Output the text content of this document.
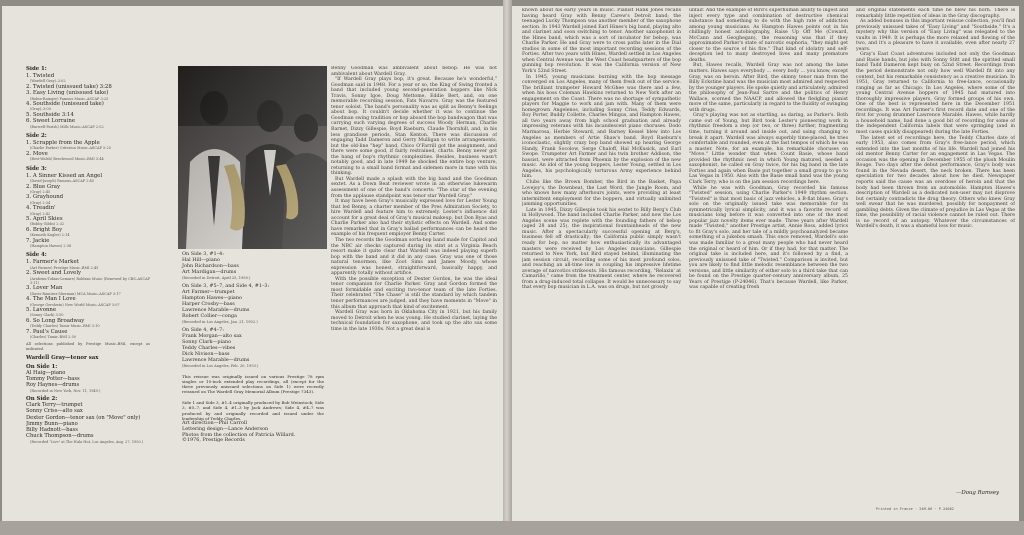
Side 1:
1. Twisted
(Wardell Gray)–3:02
2. Twisted (unissued take) 3:28
3. Easy Living (unissued take)
(Robin-Rainger) Famous Music–ASCAP 3:25
4. Southside (unissued take)
(Gray)–3:00
5. Southside 3:14
6. Sweet Lorraine
(Burwell-Parish) Mills Music–ASCAP 2:52
Side 2:
1. Scrapple from the Apple
(Charlie Parker) Criterion Music–ASCAP 5:25
2. Move
(Best-Walsh) Beechwood Music–BMI 3:44
Side 3:
1. A Sinner Kissed an Angel
(David-Joseph) Famous–ASCAP 2:45
2. Blue Gray
(Gray) 2:45
3. Grayhound
(Gray) 2:34
4. Treadin'
(Gray) 2:42
5. April Skies
(Bobby Gibbs) 2:32
6. Bright Boy
(Kenneth Kugler) 2:14
7. Jackie
(Hampton Hawes) 2:38
Side 4:
1. Farmer's Market
(Art Farmer) Prestige Music–BMI 2:45
2. Sweet and Lovely
(Arnheim-Tobias-Lemare) Robbins Music (Renewed by CBS–ASCAP 3:11)
3. Lover Man
(Davis-Ramirez-Sherman) MCA Music–ASCAP 3:17
4. The Man I Love
(George Gershwin) New World Music–ASCAP 3:07
5. Lavonne
(Sonny Clark) 3:50
6. So Long Broadway
(Teddy Charles) Tamir Music–BMI 3:10
7. Paul's Cause
(Charles) Tamir–BMI 2:50
All selections published by Prestige Music–BMI, except as indicated.
Wardell Gray—tenor sax
On Side 1:
Al Haig—piano
Tommy Potter—bass
Roy Haynes—drums
(Recorded in New York, Nov. 11, 1949.)
On Side 2:
Clark Terry—trumpet
Sonny Criss—alto sax
Dexter Gordon—tenor sax (on "Move" only)
Jimmy Bunn—piano
Billy Hadnott—bass
Chuck Thompson—drums
(Recorded "Live" at The Hula Hut, Los Angeles, Aug. 27, 1950.)
On Side 3, #1–4:
Hal Hill—piano
John Richardson—bass
Art Mardigan—drums
(Recorded in Detroit, April 25, 1950.)
On Side 3, #5–7, and Side 4, #1–3:
Art Farmer—trumpet
Hampton Hawes—piano
Harper Crosby—bass
Lawrence Marable—drums
Robert Collier—conga
(Recorded in Los Angeles, Jan. 21, 1952.)
On Side 4, #4–7:
Frank Morgan—alto sax
Sonny Clark—piano
Teddy Charles—vibes
Dick Nivison—bass
Lawrence Marable—drums
(Recorded in Los Angeles, Feb. 20, 1953.)
This reissue was originally issued on various Prestige 78 rpm singles or 10-inch extended play recordings, all (except for the three previously unissued selections on Side 1) were recently reissued on The Wardell Gray Memorial Album (Prestige 7343).
Side 1 and Side 3, #1–4 originally produced by Bob Weinstock; Side 3, #5–7, and Side 4, #1–3 by Jack Andrews; Side 4, #4–7 was produced by and originally recorded and issued under the leadership of Teddy Charles.
Art direction—Phil Carroll
Lettering design—Lance Anderson
Photos from the collection of Patricia Willard.
©1976, Prestige Records

Benny Goodman was ambivalent about bebop. He was not ambivalent about Wardell Gray.

"If Wardell Gray plays bop, it's great. Because he's wonderful," Goodman said in 1948. For a year or so, the King of Swing fronted a band that included young second-generation boppers like Nick Travis, Sonny Igoe, Doug Mettome, Eddie Bert, and, on one memorable recording session, Fats Navarro. Gray was the featured tenor soloist. The band's personality was as split as Benny's feelings about bop. It couldn't decide whether it was to continue the Goodman swing tradition or hop aboard the bop bandwagon that was carrying such varying degrees of success Woody Herman, Charlie Barnet, Dizzy Gillespie, Boyd Raeburn, Claude Thornhill, and, in his less grandiose periods, Stan Kenton. There was discussion of engaging Tadd Dameron and Gerry Mulligan to write arrangements, but the old-line "hep" band, Chico O'Farrill got the assignment, and there were some good, if fairly restrained, charts. Benny never got the hang of bop's rhythmic complexities. Besides, business wasn't notably good, and in late 1949 he shocked the entire bop venture, returning to a small band format and sidemen more in tune with his thinking.

But Wardell made a splash with the big band and the Goodman sextet. As a Down Beat reviewer wrote in an otherwise lukewarm assessment of one of the band's concerts: "The star of the evening from the applause standpoint was tenor star Wardell Gray."

It may have been Gray's musically expressed love for Lester Young that led Benny, a charter member of the Pres Admiration Society, to hire Wardell and feature him to extremely. Lester's influence did account for a great deal of Gray's musical makeup, but Don Byas and Charlie Parker also had their stylistic effects on Wardell. And some have remarked that in Gray's ballad performances can be heard the example of his frequent employer Benny Carter.

The two records the Goodman sorta-bop band made for Capitol and the NBC air checks captured during its stint at a Virginia Beach resort make it quite clear that Wardell was indeed playing superb bop with the band and it did in any case. Gray was one of those natural tenormen, like Zoot Sims and James Moody, whose expression was honest, straightforward, basically happy, and apparently totally without artifice.

With the possible exception of Dexter Gordon, he was the ideal tenor companion for Charlie Parker. Gray and Gordon formed the most formidable and exciting two-tenor team of the late Forties. Their celebrated "The Chase" is still the standard by which tandem tenor performances are judged, and they have moments in "Move" in this album that approach that kind of excitement.

Wardell Gray was born in Oklahoma City in 1921, but his family moved to Detroit when he was young. He studied clarinet, laying the technical foundation for saxophone, and took up the alto sax some time in the late 1930s. Not a great deal is

known about his early years in music. Pianist Hank Jones recalls having heard Gray with Benny Carew's Detroit band; the teenaged Lucky Thompson was another member of the saxophone section. In 1943 Wardell joined Earl Hines's big band, playing alto and clarinet and soon switching to tenor. Another saxophonist in the Hines band, which was a sort of incubator for bebop, was Charlie Parker. He and Gray were to cross paths later in the Dial studios in some of the most important recording sessions of the Forties. After two years with Hines, Wardell settled in Los Angeles when Central Avenue was the West Coast headquarters of the bop gunning bop revolution. It was the California version of New York's 52nd Street.

In 1945, young musicians burning with the bop message converged on Los Angeles, many of them fresh out of the service. The brilliant trumpeter Howard McGhee was there and a few, when his boss Coleman Hawkins returned to New York after an engagement on the Coast. There was no shortage of sympathetic players for Maggie to work and jam with. Many of them were homegrown Angelenos, including Sonny Criss, Teddy Edwards, Roy Porter, Buddy Collette, Charles Mingus, and Hampton Hawes, all two years away from high school graduation and already impressing veterans with his incandescent piano choruses. Dodo Marmarosa, Herbie Steward, and Barney Kessel blew into Los Angeles as members of Artie Shaw's band. Boyd Raeburn's iconoclastic, slightly crazy bop band showed up hearing George Handy, Frank Socolow, Serge Chaloff, Hal McKusick, and Earl Swope. Trumpeter Art Farmer and his twin brother Addison, the bassist, were attracted from Phoenix by the explosion of the new music. An idol of the young boppers, Lester Young, settled in Los Angeles, his psychologically torturous Army experience behind him.

Clubs like the Brown Bomber, the Bird in the Basket, Papa Lovejoy's, the Downbeat, the Last Word, the Jungle Room, and who knows how many afterhours joints, were providing at least intermittent employment for the boppers, and virtually unlimited jamming opportunities.

Late in 1945, Dizzy Gillespie took his sextet to Billy Berg's Club in Hollywood. The band included Charlie Parker, and now the Los Angeles scene was replete with the founding fathers of bebop (aged 28 and 25), the inspirational fountainheads of the new music. After a spectacularly successful opening at Berg's, business fell off drastically; the California public simply wasn't ready for bop, no matter how enthusiastically its advantaged masters were received by Los Angeles musicians. Gillespie returned to New York, but Bird stayed behind, illuminating the jam session circuit, recording some of his most profound solos, and reaching an all-time low in coupling his impressive lifetime average of narcotics strikeouts. His famous recording, "Relaxin' at Camarillo," came from the treatment center, where he recovered from a drug-induced total collapse. It would be unnecessary to say that every bop musician in L.A. was on drugs, but not grossly

unfair. And the example of Bird's superhuman ability to ingest and inject every type and combination of destructive chemical substance had something to do with the high rate of addiction among young musicians. As Hampton Hawes points out in his chillingly honest autobiography, Raise Up Off Me (Coward, McCann and Geoghegan), the reasoning was that if they approximated Parker's state of narcotic euphoria, "they might get closer to the source of his fire." That kind of idolatry and self-deception led to many destroyed lives and many premature deaths.

But, Hawes recalls, Wardell Gray was not among the lame mutters. Hawes says everybody ... every body ... you know, except Gray, was on heroin. After Bird, the skinny tenor man from the Billy Eckstine band was the musician most admired and respected by the younger players. He spoke quietly and articulately, admired the philosophy of Jean-Paul Sartre and the politics of Henry Wallace, scorned the NAACP, and allowed the fledgling pianist more of the same, particularly in regard to the fluidity of swinging with drugs.

Gray's playing was not as startling, as daring, as Parker's. Both came out of Young, but Bird took Lester's pioneering work in rhythmic freedom a step (or two, or three) further, fragmenting time, turning it around and inside out, and using changing to break it apart. Wardell was always superbly time-placed, he tries comfortable and rounded, even at the fast tempos of which he was a master. Note, for an example, his remarkable choruses on "Move." Little wonder that when Count Basie, whose band provided the rhythmic nest in which Young matured, needed a saxophonist, he called on Gray twice, for his big band in the late Forties and again when Basie put together a small group to go to Las Vegas in 1950. Also with the Basie small band was the young Clark Terry, who is on the jam session recordings here.

While he was with Goodman, Gray recorded his famous "Twisted" session, using Charlie Parker's 1949 rhythm section. "Twisted" is that most basic of jazz vehicles, a B-flat blues. Gray's solo on the originally issued take was memorable for its symmetrically lyrical simplicity, and it was a favorite record of musicians long before it was converted into one of the most popular jazz novelty items ever made. Three years after Wardell made "Twisted," another Prestige artist, Annie Ross, added lyrics to fit Gray's solo, and her tale of a mildly psychoanalyzed became something of a jukebox smash. This once removed, Wardell's solo was made familiar to a great many people who had never heard the original or heard of him. Or if they had, for that matter. The original take is included here, and it's followed by a find, a previously unissued take of "Twisted." Comparison is invited, but you are likely to find little melodic resemblance between the two versions, and little similarity of either solo to a third take that can be found on the Prestige quarter-century anniversary album, 25 Years of Prestige (P-24046). That's because Wardell, like Parker, was capable of creating fresh

and original statements each time he blew his horn. There is remarkably little repetition of ideas in the Gray discography.

As added bonuses in this important reissue collection, you'll find previously unissued takes of "Easy Living" and "Southside." It's a mystery why this version of "Easy Living" was relegated to the vaults in 1949. It is perhaps the more relaxed and flowing of the two, and it's a pleasure to have it available, even after nearly 27 years.

Gray's East Coast adventures included not only the Goodman and Basie bands, but jobs with Sonny Stitt and the spirited small band Tadd Dameron kept busy on 52nd Street. Recordings from the period demonstrate not only how well Wardell fit into any context, but his remarkable consistency as a creative musician. In 1951, Gray returned to California to free-lance, occasionally ranging as far as Chicago. In Los Angeles, where some of the young Central Avenue boppers of 1945 had matured into thoroughly impressive players, Gray formed groups of his own. One of the best is represented here in the December 1951 recordings. It was Art Farmer's first record date and one of the first for young drummer Lawrence Marable. Hawes, while hardly a household name, had done a good bit of recording for some of the independent California labels that were springing (and in most cases quickly disappeared) during the late Forties.

The latest set of recordings here, the Teddy Charles date of early 1953, also comes from Gray's free-lance period, which extended into the last months of his life. Wardell had joined his old mentor Benny Carter for an engagement in Las Vegas. The occasion was the opening in December 1955 of the plush Moulin Rouge. Two days after the debut performance, Gray's body was found in the Nevada desert, the neck broken. There has been speculation for two decades about how he died. Newspaper reports said the cause was an overdose of heroin and that the body had been thrown from an automobile. Hampton Hawes's description of Wardell as a dedicated non-user may not disprove but certainly contradicts the drug theory. Others who knew Gray well swear that he was murdered, possibly for nonpayment of gambling debts. Given the climate of prejudice in Las Vegas at the time, the possibility of racial violence cannot be ruled out. There is no record of an autopsy. Whatever the circumstances of Wardell's death, it was a shameful loss for music.

—Doug Ramsey
Printed in France · 24M-66 · P-24062
